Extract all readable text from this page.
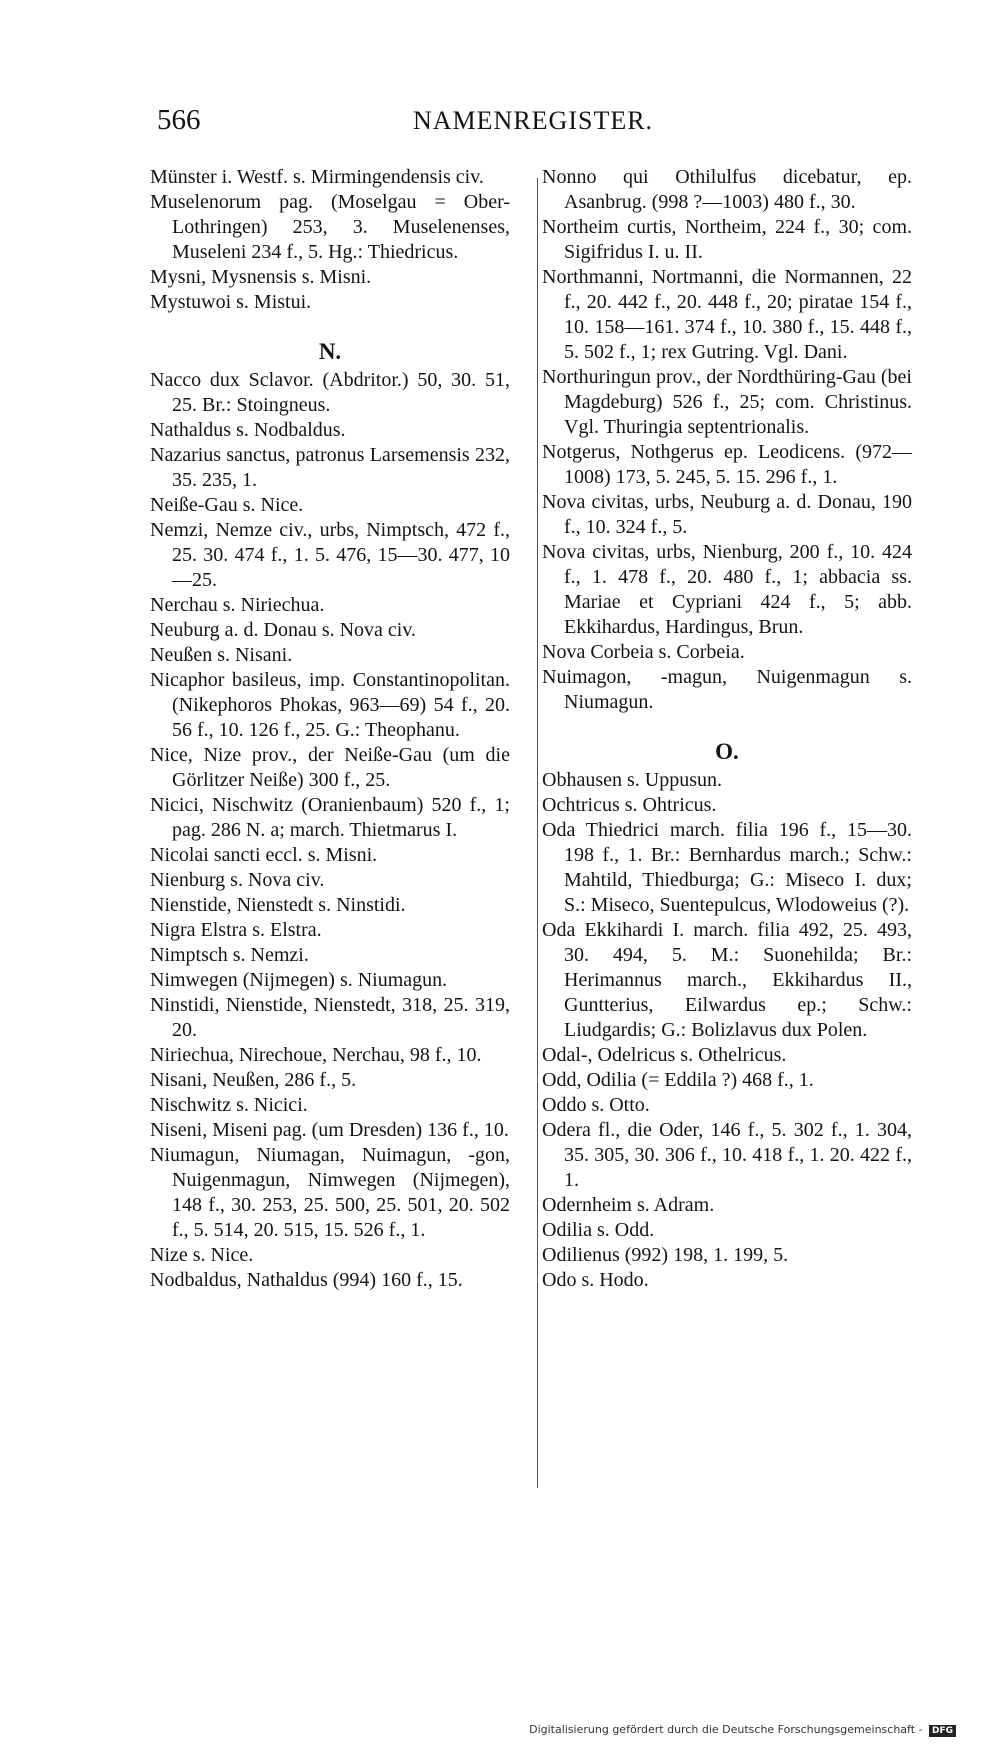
566	NAMENREGISTER.

Münster i. Westf. s. Mirmingendensis civ.

Muselenorum pag. (Moselgau = Ober-Lothringen) 253, 3. Muselenenses, Museleni 234 f., 5. Hg.: Thiedricus.

Mysni, Mysnensis s. Misni.

Mystuwoi s. Mistui.

N.

Nacco dux Sclavor. (Abdritor.) 50, 30. 51, 25. Br.: Stoingneus.

Nathaldus s. Nodbaldus.

Nazarius sanctus, patronus Larsemensis 232, 35. 235, 1.

Neiße-Gau s. Nice.

Nemzi, Nemze civ., urbs, Nimptsch, 472 f., 25. 30. 474 f., 1. 5. 476, 15—30. 477, 10—25.

Nerchau s. Niriechua.

Neuburg a. d. Donau s. Nova civ.

Neußen s. Nisani.

Nicaphor basileus, imp. Constantinopolitan. (Nikephoros Phokas, 963—69) 54 f., 20. 56 f., 10. 126 f., 25. G.: Theophanu.

Nice, Nize prov., der Neiße-Gau (um die Görlitzer Neiße) 300 f., 25.

Nicici, Nischwitz (Oranienbaum) 520 f., 1; pag. 286 N. a; march. Thietmarus I.

Nicolai sancti eccl. s. Misni.

Nienburg s. Nova civ.

Nienstide, Nienstedt s. Ninstidi.

Nigra Elstra s. Elstra.

Nimptsch s. Nemzi.

Nimwegen (Nijmegen) s. Niumagun.

Ninstidi, Nienstide, Nienstedt, 318, 25. 319, 20.

Niriechua, Nirechoue, Nerchau, 98 f., 10.

Nisani, Neußen, 286 f., 5.

Nischwitz s. Nicici.

Niseni, Miseni pag. (um Dresden) 136 f., 10.

Niumagun, Niumagan, Nuimagun, -gon, Nuigenmagun, Nimwegen (Nijmegen), 148 f., 30. 253, 25. 500, 25. 501, 20. 502 f., 5. 514, 20. 515, 15. 526 f., 1.

Nize s. Nice.

Nodbaldus, Nathaldus (994) 160 f., 15.

Nonno qui Othilulfus dicebatur, ep. Asanbrug. (998 ?—1003) 480 f., 30.

Northeim curtis, Northeim, 224 f., 30; com. Sigifridus I. u. II.

Northmanni, Nortmanni, die Normannen, 22 f., 20. 442 f., 20. 448 f., 20; piratae 154 f., 10. 158—161. 374 f., 10. 380 f., 15. 448 f., 5. 502 f., 1; rex Gutring. Vgl. Dani.

Northuringun prov., der Nordthüring-Gau (bei Magdeburg) 526 f., 25; com. Christinus. Vgl. Thuringia septentrionalis.

Notgerus, Nothgerus ep. Leodicens. (972—1008) 173, 5. 245, 5. 15. 296 f., 1.

Nova civitas, urbs, Neuburg a. d. Donau, 190 f., 10. 324 f., 5.

Nova civitas, urbs, Nienburg, 200 f., 10. 424 f., 1. 478 f., 20. 480 f., 1; abbacia ss. Mariae et Cypriani 424 f., 5; abb. Ekkihardus, Hardingus, Brun.

Nova Corbeia s. Corbeia.

Nuimagon, -magun, Nuigenmagun s. Niumagun.

O.

Obhausen s. Uppusun.

Ochtricus s. Ohtricus.

Oda Thiedrici march. filia 196 f., 15—30. 198 f., 1. Br.: Bernhardus march.; Schw.: Mahtild, Thiedburga; G.: Miseco I. dux; S.: Miseco, Suentepulcus, Wlodoweius (?).

Oda Ekkihardi I. march. filia 492, 25. 493, 30. 494, 5. M.: Suonehilda; Br.: Herimannus march., Ekkihardus II., Guntterius, Eilwardus ep.; Schw.: Liudgardis; G.: Bolizlavus dux Polen.

Odal-, Odelricus s. Othelricus.

Odd, Odilia (= Eddila ?) 468 f., 1.

Oddo s. Otto.

Odera fl., die Oder, 146 f., 5. 302 f., 1. 304, 35. 305, 30. 306 f., 10. 418 f., 1. 20. 422 f., 1.

Odernheim s. Adram.

Odilia s. Odd.

Odilienus (992) 198, 1. 199, 5.

Odo s. Hodo.

Digitalisierung gefördert durch die Deutsche Forschungsgemeinschaft - DFG
